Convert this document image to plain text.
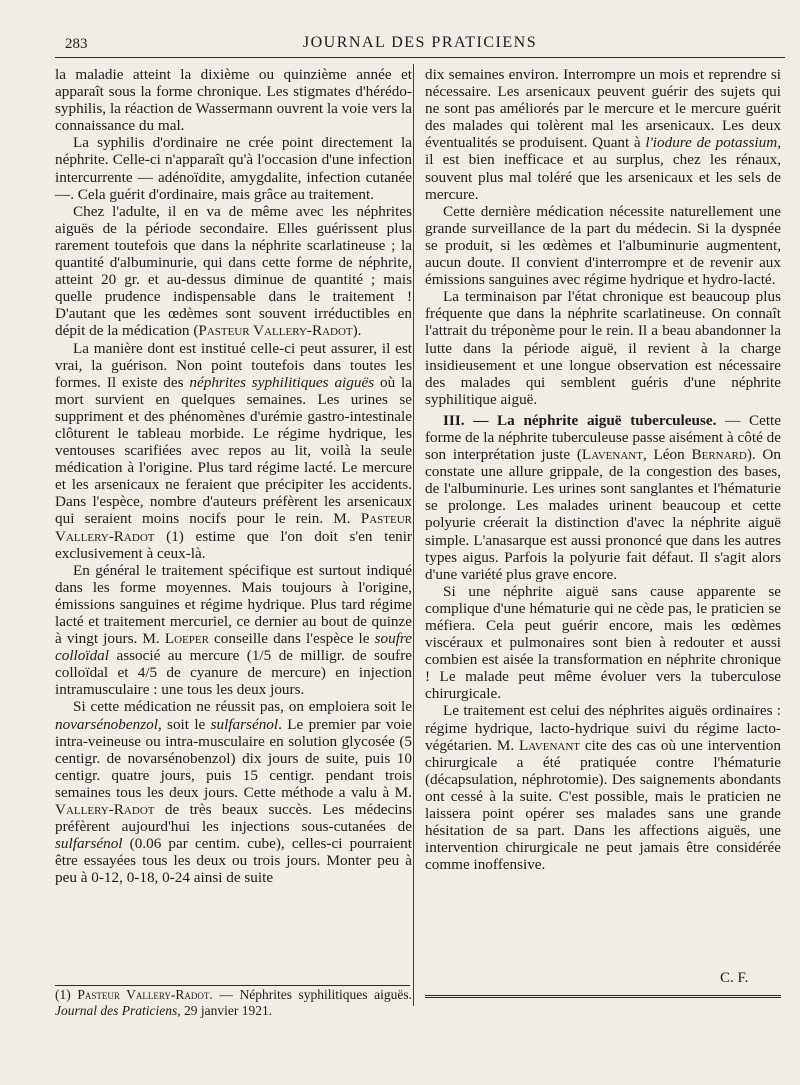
283	JOURNAL DES PRATICIENS

la maladie atteint la dixième ou quinzième année et apparaît sous la forme chronique. Les stigmates d'hérédo-syphilis, la réaction de Wassermann ouvrent la voie vers la connaissance du mal.

La syphilis d'ordinaire ne crée point directement la néphrite. Celle-ci n'apparaît qu'à l'occasion d'une infection intercurrente — adénoïdite, amygdalite, infection cutanée —. Cela guérit d'ordinaire, mais grâce au traitement.

Chez l'adulte, il en va de même avec les néphrites aiguës de la période secondaire. Elles guérissent plus rarement toutefois que dans la néphrite scarlatineuse ; la quantité d'albuminurie, qui dans cette forme de néphrite, atteint 20 gr. et au-dessus diminue de quantité ; mais quelle prudence indispensable dans le traitement ! D'autant que les œdèmes sont souvent irréductibles en dépit de la médication (Pasteur Vallery-Radot).

La manière dont est institué celle-ci peut assurer, il est vrai, la guérison. Non point toutefois dans toutes les formes. Il existe des néphrites syphilitiques aiguës où la mort survient en quelques semaines. Les urines se suppriment et des phénomènes d'urémie gastro-intestinale clôturent le tableau morbide. Le régime hydrique, les ventouses scarifiées avec repos au lit, voilà la seule médication à l'origine. Plus tard régime lacté. Le mercure et les arsenicaux ne feraient que précipiter les accidents. Dans l'espèce, nombre d'auteurs préfèrent les arsenicaux qui seraient moins nocifs pour le rein. M. Pasteur Vallery-Radot (1) estime que l'on doit s'en tenir exclusivement à ceux-là.

En général le traitement spécifique est surtout indiqué dans les forme moyennes. Mais toujours à l'origine, émissions sanguines et régime hydrique. Plus tard régime lacté et traitement mercuriel, ce dernier au bout de quinze à vingt jours. M. Loeper conseille dans l'espèce le soufre colloïdal associé au mercure (1/5 de milligr. de soufre colloïdal et 4/5 de cyanure de mercure) en injection intramusculaire : une tous les deux jours.

Si cette médication ne réussit pas, on emploiera soit le novarsénobenzol, soit le sulfarsénol. Le premier par voie intra-veineuse ou intra-musculaire en solution glycosée (5 centigr. de novarsénobenzol) dix jours de suite, puis 10 centigr. quatre jours, puis 15 centigr. pendant trois semaines tous les deux jours. Cette méthode a valu à M. Vallery-Radot de très beaux succès. Les médecins préfèrent aujourd'hui les injections sous-cutanées de sulfarsénol (0.06 par centim. cube), celles-ci pourraient être essayées tous les deux ou trois jours. Monter peu à peu à 0-12, 0-18, 0-24 ainsi de suite

(1) Pasteur Vallery-Radot. — Néphrites syphilitiques aiguës. Journal des Praticiens, 29 janvier 1921.

dix semaines environ. Interrompre un mois et reprendre si nécessaire. Les arsenicaux peuvent guérir des sujets qui ne sont pas améliorés par le mercure et le mercure guérit des malades qui tolèrent mal les arsenicaux. Les deux éventualités se produisent. Quant à l'iodure de potassium, il est bien inefficace et au surplus, chez les rénaux, souvent plus mal toléré que les arsenicaux et les sels de mercure.

Cette dernière médication nécessite naturellement une grande surveillance de la part du médecin. Si la dyspnée se produit, si les œdèmes et l'albuminurie augmentent, aucun doute. Il convient d'interrompre et de revenir aux émissions sanguines avec régime hydrique et hydro-lacté.

La terminaison par l'état chronique est beaucoup plus fréquente que dans la néphrite scarlatineuse. On connaît l'attrait du tréponème pour le rein. Il a beau abandonner la lutte dans la période aiguë, il revient à la charge insidieusement et une longue observation est nécessaire des malades qui semblent guéris d'une néphrite syphilitique aiguë.

III. — La néphrite aiguë tuberculeuse. — Cette forme de la néphrite tuberculeuse passe aisément à côté de son interprétation juste (Lavenant, Léon Bernard). On constate une allure grippale, de la congestion des bases, de l'albuminurie. Les urines sont sanglantes et l'hématurie se prolonge. Les malades urinent beaucoup et cette polyurie créerait la distinction d'avec la néphrite aiguë simple. L'anasarque est aussi prononcé que dans les autres types aigus. Parfois la polyurie fait défaut. Il s'agit alors d'une variété plus grave encore.

Si une néphrite aiguë sans cause apparente se complique d'une hématurie qui ne cède pas, le praticien se méfiera. Cela peut guérir encore, mais les œdèmes viscéraux et pulmonaires sont bien à redouter et aussi combien est aisée la transformation en néphrite chronique ! Le malade peut même évoluer vers la tuberculose chirurgicale.

Le traitement est celui des néphrites aiguës ordinaires : régime hydrique, lacto-hydrique suivi du régime lacto-végétarien. M. Lavenant cite des cas où une intervention chirurgicale a été pratiquée contre l'hématurie (décapsulation, néphrotomie). Des saignements abondants ont cessé à la suite. C'est possible, mais le praticien ne laissera point opérer ses malades sans une grande hésitation de sa part. Dans les affections aiguës, une intervention chirurgicale ne peut jamais être considérée comme inoffensive.

C. F.
